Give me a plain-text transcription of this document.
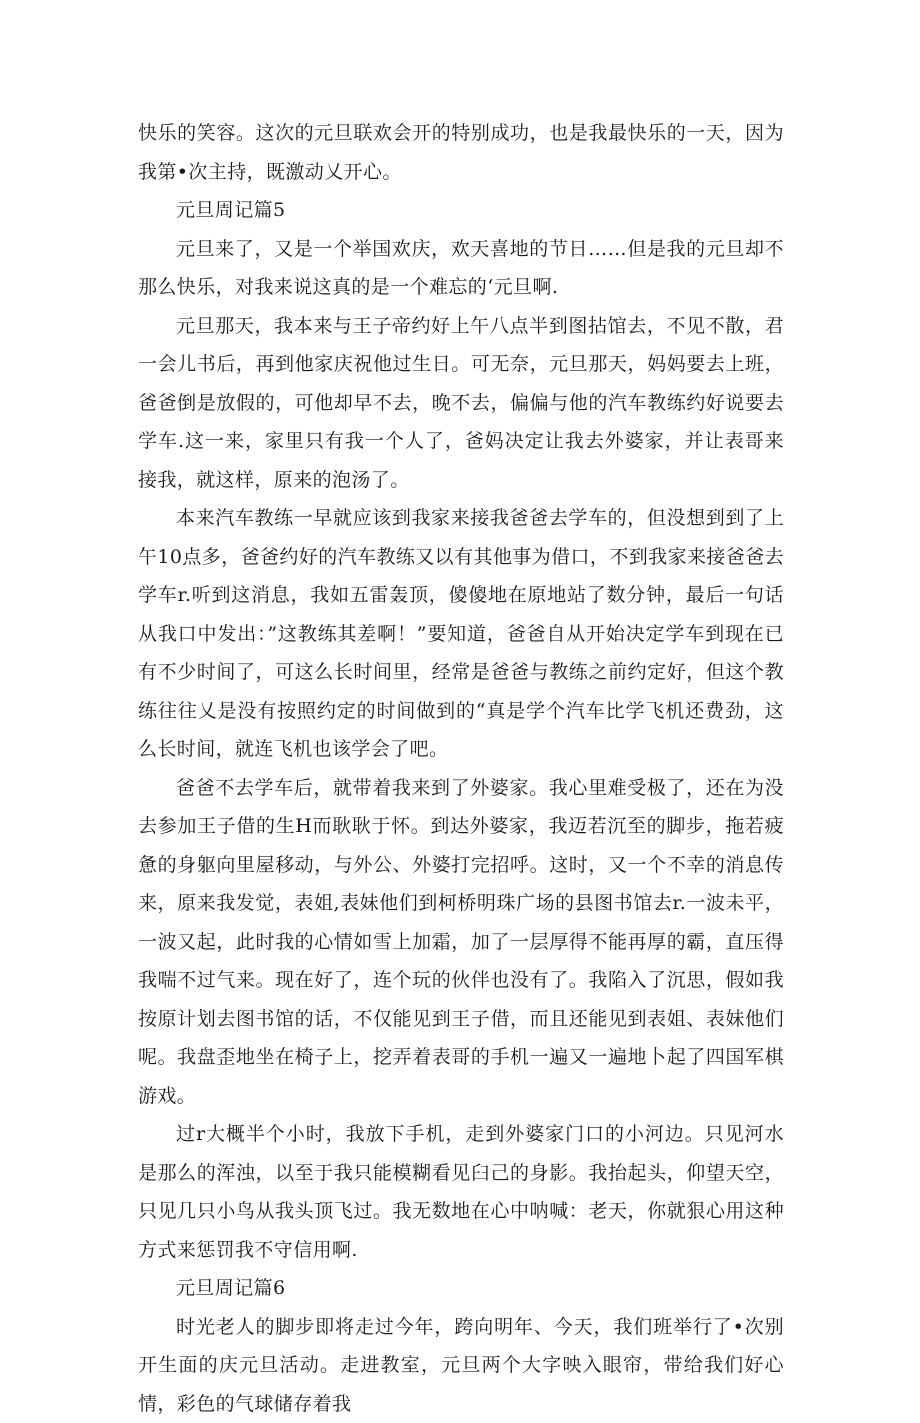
快乐的笑容。这次的元旦联欢会开的特别成功，也是我最快乐的一天，因为我第•次主持，既激动乂开心。

元旦周记篇5

元旦来了，又是一个举国欢庆，欢天喜地的节日……但是我的元旦却不那么快乐，对我来说这真的是一个难忘的‘元旦啊.

元旦那天，我本来与王子帝约好上午八点半到图拈馆去，不见不散，君一会儿书后，再到他家庆祝他过生日。可无奈，元旦那天，妈妈要去上班，爸爸倒是放假的，可他却早不去，晚不去，偏偏与他的汽车教练约好说要去学车.这一来，家里只有我一个人了，爸妈决定让我去外婆家，并让表哥来接我，就这样，原来的泡汤了。

本来汽车教练一早就应该到我家来接我爸爸去学车的，但没想到到了上午10点多，爸爸约好的汽车教练又以有其他事为借口，不到我家来接爸爸去学车r.听到这消息，我如五雷轰顶，傻傻地在原地站了数分钟，最后一句话从我口中发出：”这教练其差啊！”要知道，爸爸自从开始决定学车到现在已有不少时间了，可这么长时间里，经常是爸爸与教练之前约定好，但这个教练往往乂是没有按照约定的时间做到的“真是学个汽车比学飞机还费劲，这么长时间，就连飞机也该学会了吧。

爸爸不去学车后，就带着我来到了外婆家。我心里难受极了，还在为没去参加王子借的生H而耿耿于怀。到达外婆家，我迈若沉至的脚步，拖若疲惫的身躯向里屋移动，与外公、外婆打完招呼。这时，又一个不幸的消息传来，原来我发觉，表姐,表妹他们到柯桥明珠广场的县图书馆去r.一波未平，一波又起，此时我的心情如雪上加霜，加了一层厚得不能再厚的霸，直压得我喘不过气来。现在好了，连个玩的伙伴也没有了。我陷入了沉思，假如我按原计划去图书馆的话，不仅能见到王子借，而且还能见到表姐、表妹他们呢。我盘歪地坐在椅子上，挖弄着表哥的手机一遍又一遍地卜起了四国军棋游戏。

过r大概半个小时，我放下手机，走到外婆家门口的小河边。只见河水是那么的浑浊，以至于我只能模糊看见臼己的身影。我抬起头，仰望天空，只见几只小鸟从我头顶飞过。我无数地在心中呐喊：老天，你就狠心用这种方式来惩罚我不守信用啊.

元旦周记篇6

时光老人的脚步即将走过今年，跨向明年、今天，我们班举行了•次别开生面的庆元旦活动。走进教室，元旦两个大字映入眼帘，带给我们好心情，彩色的气球储存着我
